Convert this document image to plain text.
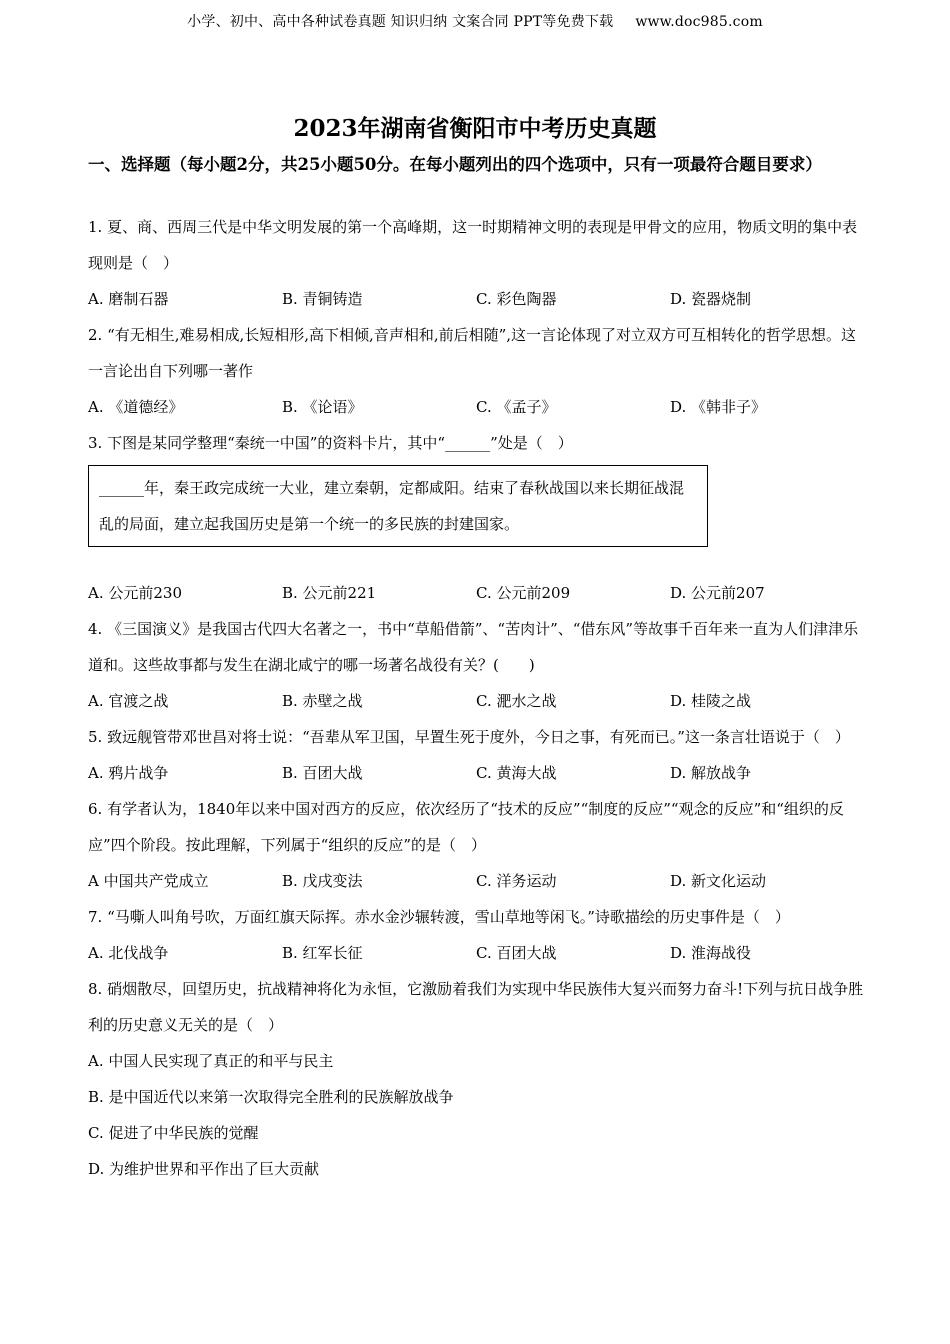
小学、初中、高中各种试卷真题 知识归纳 文案合同 PPT等免费下载 www.doc985.com
2023年湖南省衡阳市中考历史真题
一、选择题（每小题2分，共25小题50分。在每小题列出的四个选项中，只有一项最符合题目要求）

1. 夏、商、西周三代是中华文明发展的第一个高峰期，这一时期精神文明的表现是甲骨文的应用，物质文明的集中表现则是（　）

A. 磨制石器	B. 青铜铸造	C. 彩色陶器	D. 瓷器烧制

2. “有无相生,难易相成,长短相形,高下相倾,音声相和,前后相随”,这一言论体现了对立双方可互相转化的哲学思想。这一言论出自下列哪一著作

A. 《道德经》	B. 《论语》	C. 《孟子》	D. 《韩非子》

3. 下图是某同学整理“秦统一中国”的资料卡片，其中“______”处是（　）

______年，秦王政完成统一大业，建立秦朝，定都咸阳。结束了春秋战国以来长期征战混乱的局面，建立起我国历史是第一个统一的多民族的封建国家。
A. 公元前230	B. 公元前221	C. 公元前209	D. 公元前207

4. 《三国演义》是我国古代四大名著之一，书中“草船借箭”、“苦肉计”、“借东风”等故事千百年来一直为人们津津乐道和。这些故事都与发生在湖北咸宁的哪一场著名战役有关？(　　)

A. 官渡之战	B. 赤壁之战	C. 淝水之战	D. 桂陵之战

5. 致远舰管带邓世昌对将士说：“吾辈从军卫国，早置生死于度外，今日之事，有死而已。”这一条言壮语说于（　）

A. 鸦片战争	B. 百团大战	C. 黄海大战	D. 解放战争

6. 有学者认为，1840年以来中国对西方的反应，依次经历了“技术的反应”“制度的反应”“观念的反应”和“组织的反应”四个阶段。按此理解，下列属于“组织的反应”的是（　）

A 中国共产党成立	B. 戊戌变法	C. 洋务运动	D. 新文化运动

7. “马嘶人叫角号吹，万面红旗天际挥。赤水金沙辗转渡，雪山草地等闲飞。”诗歌描绘的历史事件是（　）

A. 北伐战争	B. 红军长征	C. 百团大战	D. 淮海战役

8. 硝烟散尽，回望历史，抗战精神将化为永恒，它激励着我们为实现中华民族伟大复兴而努力奋斗!下列与抗日战争胜利的历史意义无关的是（　）

A. 中国人民实现了真正的和平与民主
B. 是中国近代以来第一次取得完全胜利的民族解放战争
C. 促进了中华民族的觉醒
D. 为维护世界和平作出了巨大贡献
